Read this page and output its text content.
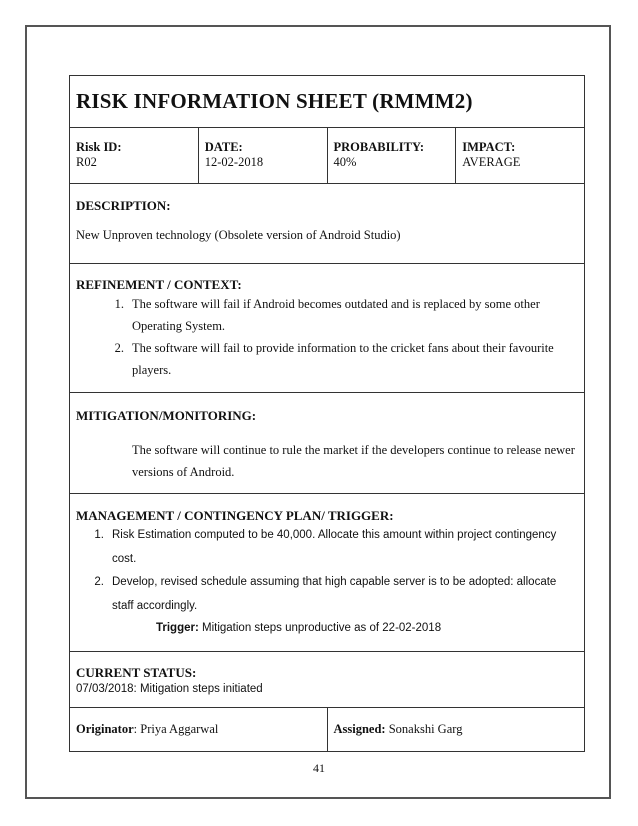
RISK INFORMATION SHEET (RMMM2)
Risk ID:
R02
DATE:
12-02-2018
PROBABILITY:
40%
IMPACT:
AVERAGE
DESCRIPTION:
New Unproven technology (Obsolete version of Android Studio)
REFINEMENT / CONTEXT:
1. The software will fail if Android becomes outdated and is replaced by some other Operating System.
2. The software will fail to provide information to the cricket fans about their favourite players.
MITIGATION/MONITORING:
The software will continue to rule the market if the developers continue to release newer versions of Android.
MANAGEMENT / CONTINGENCY PLAN/ TRIGGER:
1. Risk Estimation computed to be 40,000. Allocate this amount within project contingency cost.
2. Develop, revised schedule assuming that high capable server is to be adopted: allocate staff accordingly.
Trigger: Mitigation steps unproductive as of 22-02-2018
CURRENT STATUS:
07/03/2018: Mitigation steps initiated
Originator: Priya Aggarwal	Assigned: Sonakshi Garg
41
